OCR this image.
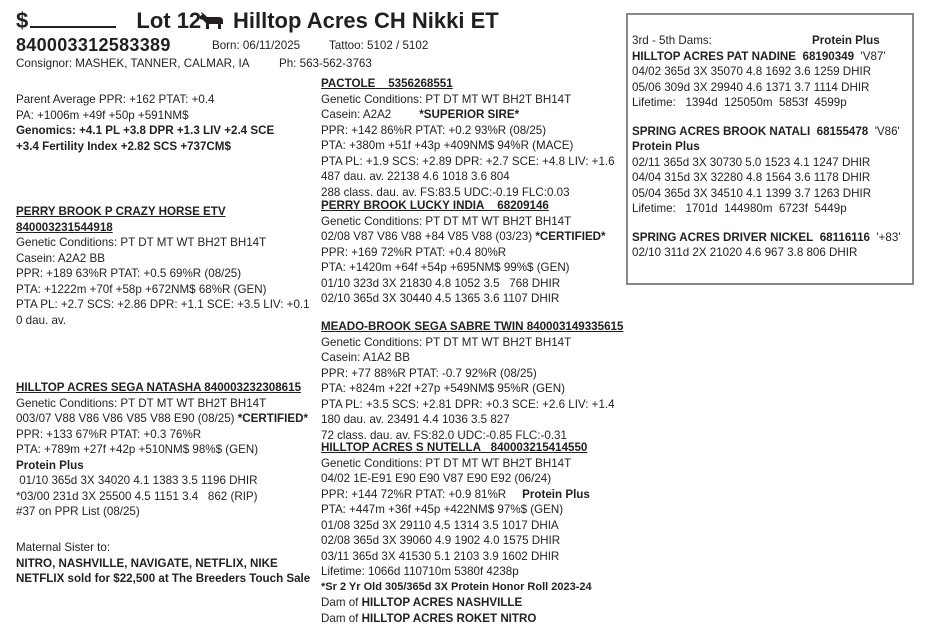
$	Lot 12 Hilltop Acres CH Nikki ET
840003312583389	Born: 06/11/2025 Tattoo: 5102 / 5102
Consignor: MASHEK, TANNER, CALMAR, IA	Ph: 563-562-3763
Parent Average PPR: +162 PTAT: +0.4
PA: +1006m +49f +50p +591NM$
Genomics: +4.1 PL +3.8 DPR +1.3 LIV +2.4 SCE
+3.4 Fertility Index +2.82 SCS +737CM$
PERRY BROOK P CRAZY HORSE ETV
840003231544918
Genetic Conditions: PT DT MT WT BH2T BH14T
Casein: A2A2 BB
PPR: +189 63%R PTAT: +0.5 69%R (08/25)
PTA: +1222m +70f +58p +672NM$ 68%R (GEN)
PTA PL: +2.7 SCS: +2.86 DPR: +1.1 SCE: +3.5 LIV: +0.1
0 dau. av.
HILLTOP ACRES SEGA NATASHA 840003232308615
Genetic Conditions: PT DT MT WT BH2T BH14T
003/07 V88 V86 V86 V85 V88 E90 (08/25) *CERTIFIED*
PPR: +133 67%R PTAT: +0.3 76%R
PTA: +789m +27f +42p +510NM$ 98%$ (GEN)
Protein Plus
01/10 365d 3X 34020 4.1 1383 3.5 1196 DHIR
*03/00 231d 3X 25500 4.5 1151 3.4   862 (RIP)
#37 on PPR List (08/25)
Maternal Sister to:
NITRO, NASHVILLE, NAVIGATE, NETFLIX, NIKE
NETFLIX sold for $22,500 at The Breeders Touch Sale
PACTOLE 5356268551
Genetic Conditions: PT DT MT WT BH2T BH14T
Casein: A2A2 *SUPERIOR SIRE*
PPR: +142 86%R PTAT: +0.2 93%R (08/25)
PTA: +380m +51f +43p +409NM$ 94%R (MACE)
PTA PL: +1.9 SCS: +2.89 DPR: +2.7 SCE: +4.8 LIV: +1.6
487 dau. av. 22138 4.6 1018 3.6 804
288 class. dau. av. FS:83.5 UDC:-0.19 FLC:0.03
PERRY BROOK LUCKY INDIA 68209146
Genetic Conditions: PT DT MT WT BH2T BH14T
02/08 V87 V86 V88 +84 V85 V88 (03/23) *CERTIFIED*
PPR: +169 72%R PTAT: +0.4 80%R
PTA: +1420m +64f +54p +695NM$ 99%$ (GEN)
01/10 323d 3X 21830 4.8 1052 3.5   768 DHIR
02/10 365d 3X 30440 4.5 1365 3.6 1107 DHIR
MEADO-BROOK SEGA SABRE TWIN 840003149335615
Genetic Conditions: PT DT MT WT BH2T BH14T
Casein: A1A2 BB
PPR: +77 88%R PTAT: -0.7 92%R (08/25)
PTA: +824m +22f +27p +549NM$ 95%R (GEN)
PTA PL: +3.5 SCS: +2.81 DPR: +0.3 SCE: +2.6 LIV: +1.4
180 dau. av. 23491 4.4 1036 3.5 827
72 class. dau. av. FS:82.0 UDC:-0.85 FLC:-0.31
HILLTOP ACRES S NUTELLA 840003215414550
Genetic Conditions: PT DT MT WT BH2T BH14T
04/02 1E-E91 E90 E90 V87 E90 E92 (06/24)
PPR: +144 72%R PTAT: +0.9 81%R Protein Plus
PTA: +447m +36f +45p +422NM$ 97%$ (GEN)
01/08 325d 3X 29110 4.5 1314 3.5 1017 DHIA
02/08 365d 3X 39060 4.9 1902 4.0 1575 DHIR
03/11 365d 3X 41530 5.1 2103 3.9 1602 DHIR
Lifetime: 1066d 110710m 5380f 4238p
*Sr 2 Yr Old 305/365d 3X Protein Honor Roll 2023-24
Dam of HILLTOP ACRES NASHVILLE
Dam of HILLTOP ACRES ROKET NITRO
3rd - 5th Dams:	Protein Plus
HILLTOP ACRES PAT NADINE 68190349 'V87'
04/02 365d 3X 35070 4.8 1692 3.6 1259 DHIR
05/06 309d 3X 29940 4.6 1371 3.7 1114 DHIR
Lifetime:   1394d  125050m  5853f  4599p
SPRING ACRES BROOK NATALI 68155478 'V86'
Protein Plus
02/11 365d 3X 30730 5.0 1523 4.1 1247 DHIR
04/04 315d 3X 32280 4.8 1564 3.6 1178 DHIR
05/04 365d 3X 34510 4.1 1399 3.7 1263 DHIR
Lifetime:   1701d  144980m  6723f  5449p
SPRING ACRES DRIVER NICKEL 68116116 '+83'
02/10 311d 2X 21020 4.6 967 3.8 806 DHIR
